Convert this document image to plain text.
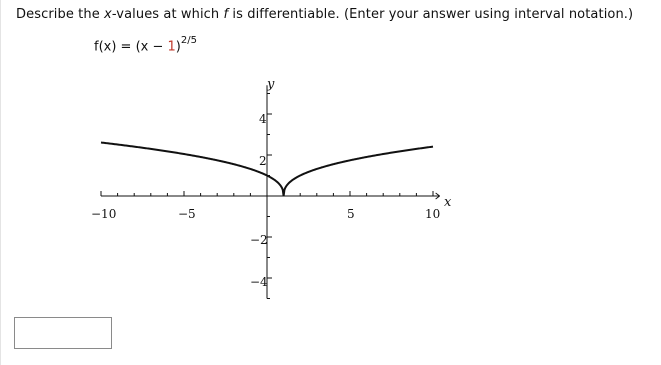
Describe the x-values at which f is differentiable. (Enter your answer using interval notation.)
$f(x) = (x - 1)^{2/5}$
x
y
−10	−5	5	10
4
2
−2
−4
